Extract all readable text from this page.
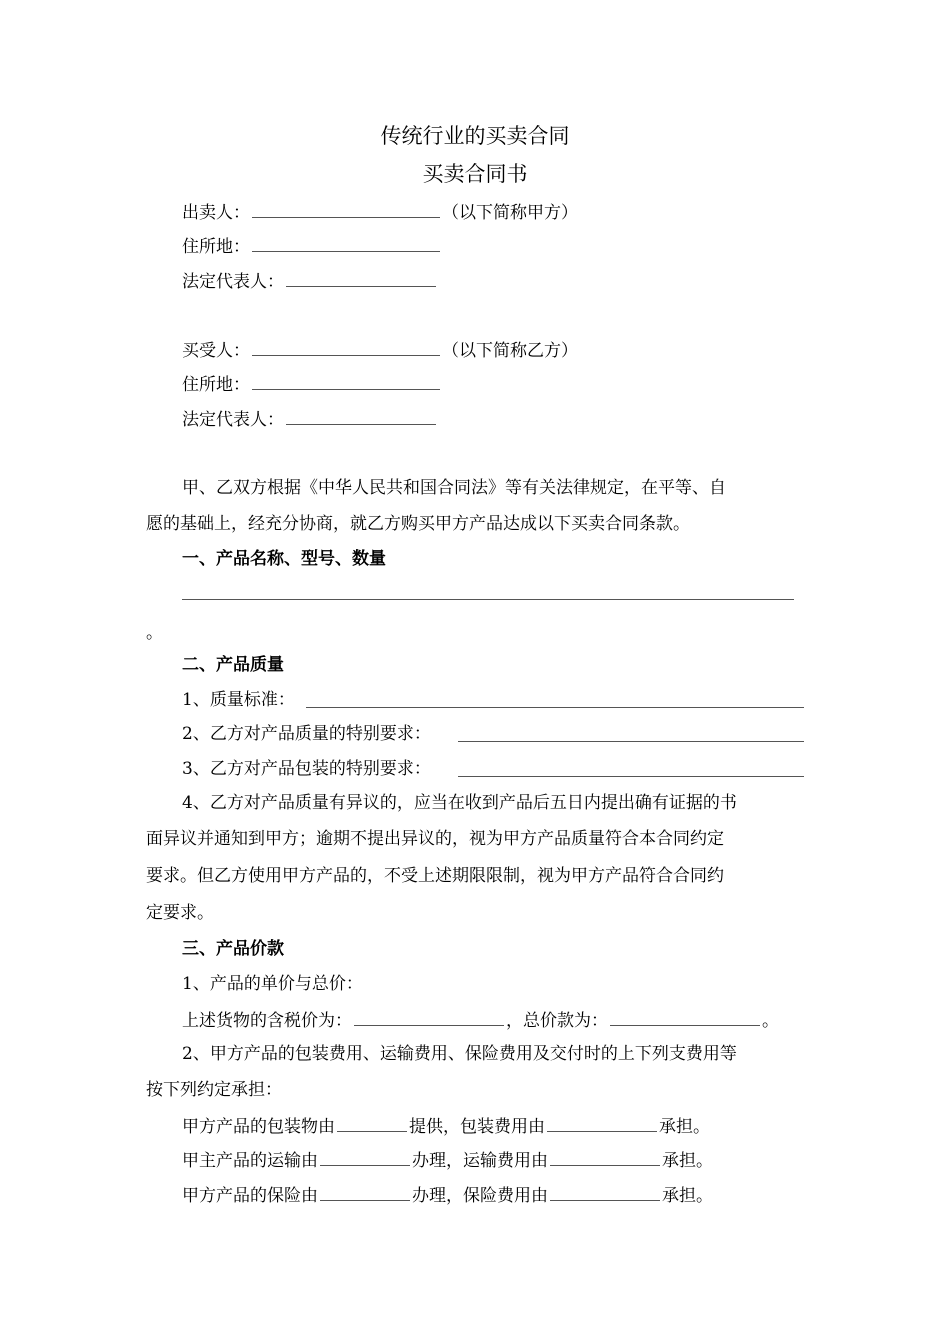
传统行业的买卖合同
买卖合同书
出卖人：	（以下简称甲方）
住所地：
法定代表人：
买受人：	（以下简称乙方）
住所地：
法定代表人：
甲、乙双方根据《中华人民共和国合同法》等有关法律规定，在平等、自
愿的基础上，经充分协商，就乙方购买甲方产品达成以下买卖合同条款。
一、产品名称、型号、数量
。
二、产品质量
1、质量标准：
2、乙方对产品质量的特别要求：
3、乙方对产品包装的特别要求：
4、乙方对产品质量有异议的，应当在收到产品后五日内提出确有证据的书
面异议并通知到甲方；逾期不提出异议的，视为甲方产品质量符合本合同约定
要求。但乙方使用甲方产品的，不受上述期限限制，视为甲方产品符合合同约
定要求。
三、产品价款
1、产品的单价与总价：
上述货物的含税价为：	，总价款为：	。
2、甲方产品的包装费用、运输费用、保险费用及交付时的上下列支费用等
按下列约定承担：
甲方产品的包装物由	提供，包装费用由	承担。
甲主产品的运输由	办理，运输费用由	承担。
甲方产品的保险由	办理，保险费用由	承担。
